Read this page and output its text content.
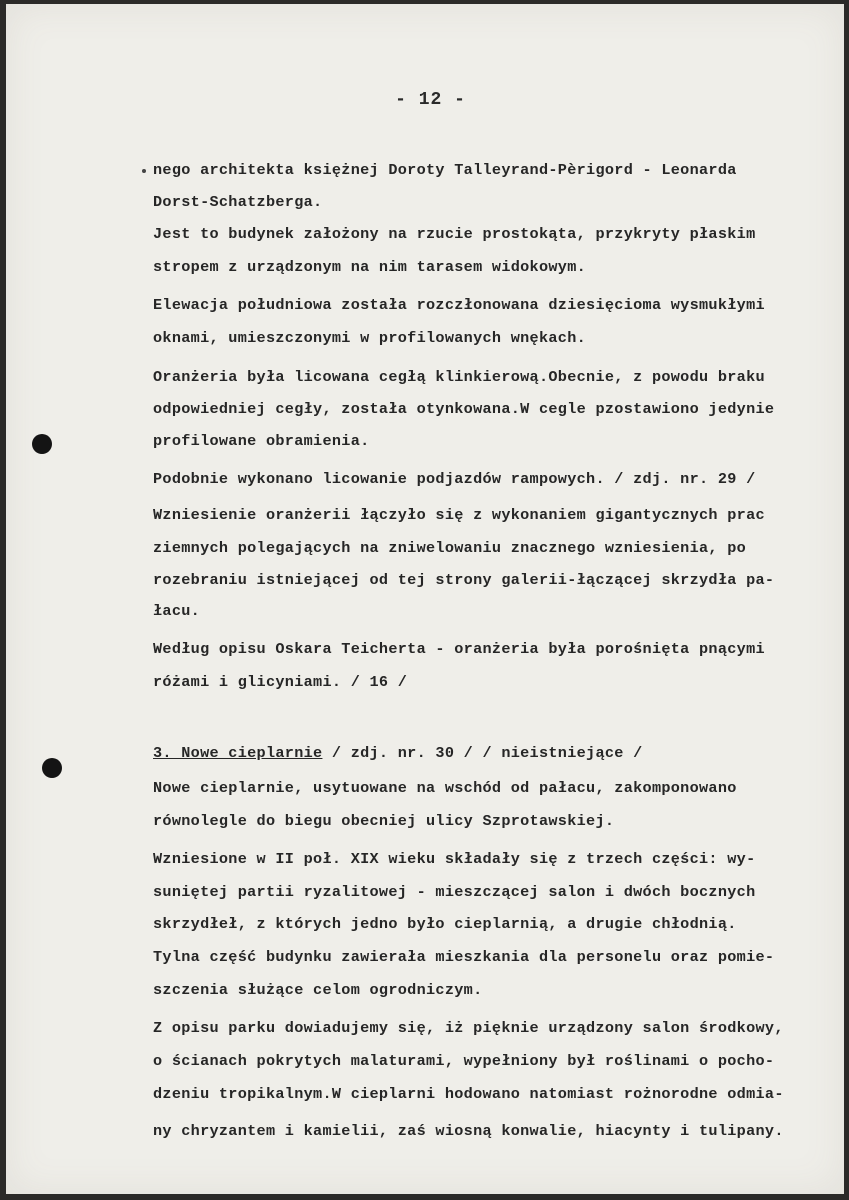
- 12 -
nego architekta księżnej Doroty Talleyrand-Pèrigord - Leonarda
Dorst-Schatzberga.
Jest to budynek założony na rzucie prostokąta, przykryty płaskim
stropem z urządzonym na nim tarasem widokowym.
Elewacja południowa została rozczłonowana dziesięcioma wysmukłymi
oknami, umieszczonymi w profilowanych wnękach.
Oranżeria była licowana cegłą klinkierową.Obecnie, z powodu braku
odpowiedniej cegły, została otynkowana.W cegle pzostawiono jedynie
profilowane obramienia.
Podobnie wykonano licowanie podjazdów rampowych. / zdj. nr. 29 /
Wzniesienie oranżerii łączyło się z wykonaniem gigantycznych prac
ziemnych polegających na zniwelowaniu znacznego wzniesienia, po
rozebraniu istniejącej od tej strony galerii-łączącej skrzydła pa-
łacu.
Według opisu Oskara Teicherta - oranżeria była porośnięta pnącymi
różami i glicyniami. / 16 /
3. Nowe cieplarnie / zdj. nr. 30 / / nieistniejące /
Nowe cieplarnie, usytuowane na wschód od pałacu, zakomponowano
równolegle do biegu obecniej ulicy Szprotawskiej.
Wzniesione w II poł. XIX wieku składały się z trzech części: wy-
suniętej partii ryzalitowej - mieszczącej salon i dwóch bocznych
skrzydłeł, z których jedno było cieplarnią, a drugie chłodnią.
Tylna część budynku zawierała mieszkania dla personelu oraz pomie-
szczenia służące celom ogrodniczym.
Z opisu parku dowiadujemy się, iż pięknie urządzony salon środkowy,
o ścianach pokrytych malaturami, wypełniony był roślinami o pocho-
dzeniu tropikalnym.W cieplarni hodowano natomiast rożnorodne odmia-
ny chryzantem i kamielii, zaś wiosną konwalie, hiacynty i tulipany.
